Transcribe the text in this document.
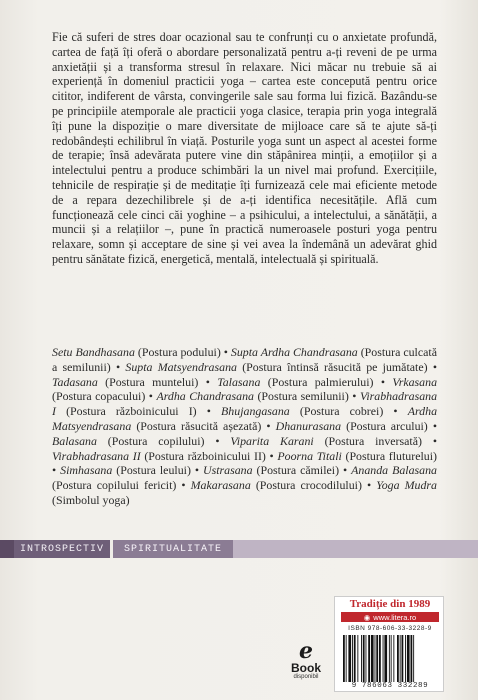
Fie că suferi de stres doar ocazional sau te confrunți cu o anxietate profundă, cartea de față îți oferă o abordare personalizată pentru a-ți reveni de pe urma anxietății și a transforma stresul în relaxare. Nici măcar nu trebuie să ai experiență în domeniul practicii yoga – cartea este concepută pentru orice cititor, indiferent de vârsta, convingerile sale sau forma lui fizică. Bazându-se pe principiile atemporale ale practicii yoga clasice, terapia prin yoga integrală îți pune la dispoziție o mare diversitate de mijloace care să te ajute să-ți redobândești echilibrul în viață. Posturile yoga sunt un aspect al acestei forme de terapie; însă adevărata putere vine din stăpânirea minții, a emoțiilor și a intelectului pentru a produce schimbări la un nivel mai profund. Exercițiile, tehnicile de respirație și de meditație îți furnizează cele mai eficiente metode de a repara dezechilibrele și de a-ți identifica necesitățile. Află cum funcționează cele cinci căi yoghine – a psihicului, a intelectului, a sănătății, a muncii și a relațiilor –, pune în practică numeroasele posturi yoga pentru relaxare, somn și acceptare de sine și vei avea la îndemână un adevărat ghid pentru sănătate fizică, energetică, mentală, intelectuală și spirituală.

Setu Bandhasana (Postura podului) • Supta Ardha Chandrasana (Postura culcată a semilunii) • Supta Matsyendrasana (Postura întinsă răsucită pe jumătate) • Tadasana (Postura muntelui) • Talasana (Postura palmierului) • Vrkasana (Postura copacului) • Ardha Chandrasana (Postura semilunii) • Virabhadrasana I (Postura războinicului I) • Bhujangasana (Postura cobrei) • Ardha Matsyendrasana (Postura răsucită așezată) • Dhanurasana (Postura arcului) • Balasana (Postura copilului) • Viparita Karani (Postura inversată) • Virabhadrasana II (Postura războinicului II) • Poorna Titali (Postura fluturelui) • Simhasana (Postura leului) • Ustrasana (Postura cămilei) • Ananda Balasana (Postura copilului fericit) • Makarasana (Postura crocodilului) • Yoga Mudra (Simbolul yoga)
INTROSPECTIV	SPIRITUALITATE
e
Book
disponibil
Tradiție din 1989
◉ www.litera.ro
ISBN 978-606-33-3228-9
9 786063 332289
